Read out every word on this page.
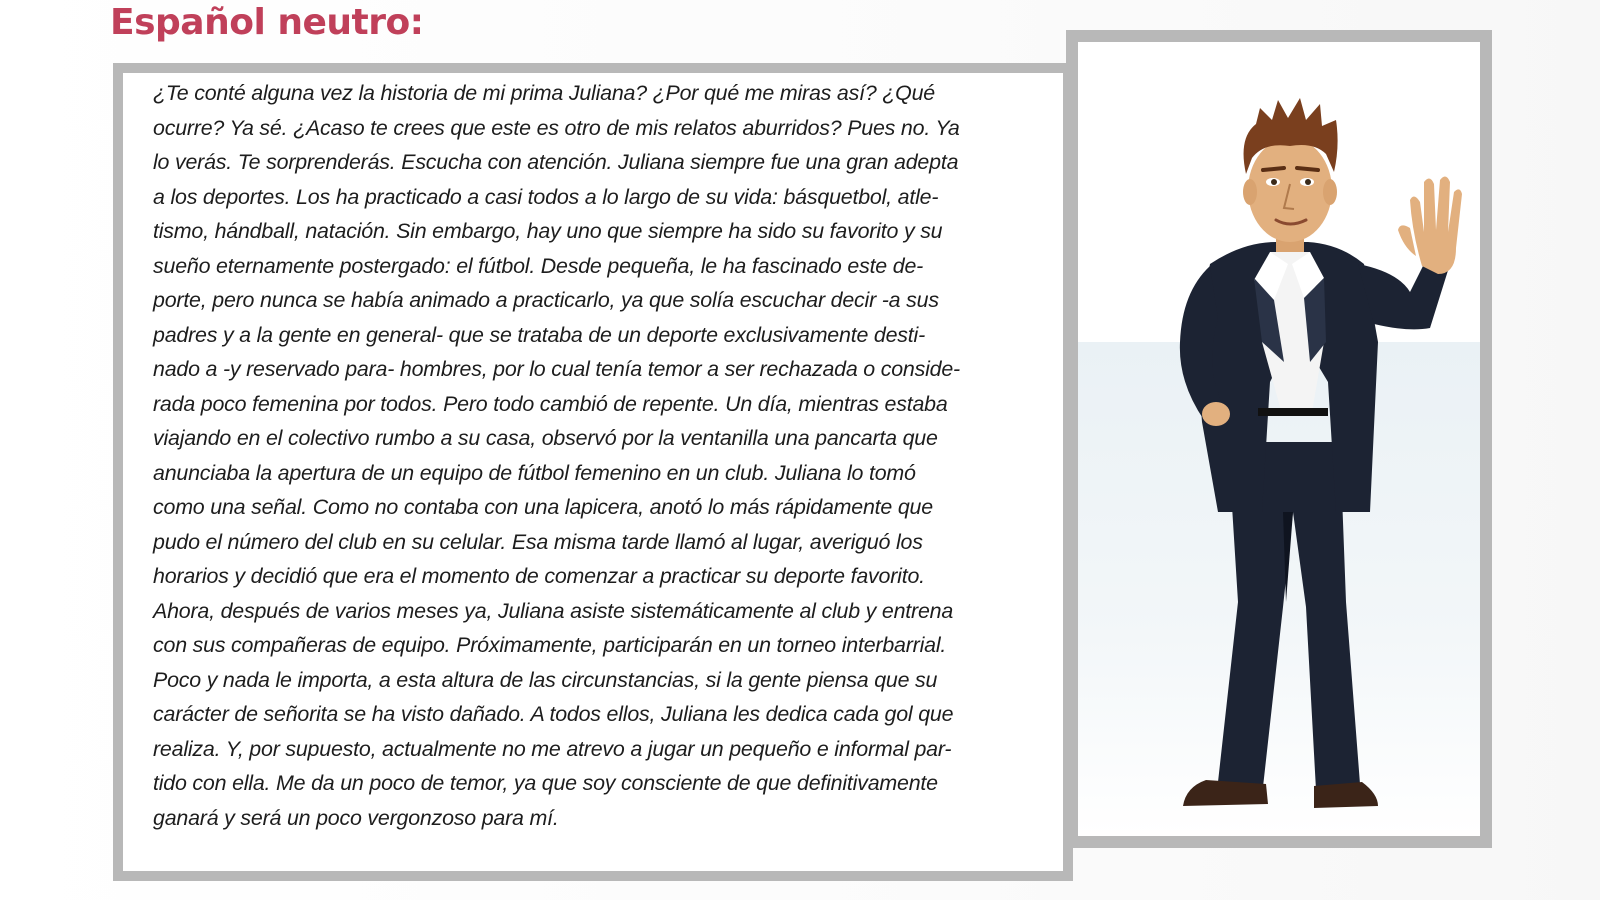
Español neutro:

¿Te conté alguna vez la historia de mi prima Juliana? ¿Por qué me miras así? ¿Qué
ocurre? Ya sé. ¿Acaso te crees que este es otro de mis relatos aburridos? Pues no. Ya
lo verás. Te sorprenderás. Escucha con atención. Juliana siempre fue una gran adepta
a los deportes. Los ha practicado a casi todos a lo largo de su vida: básquetbol, atle-
tismo, hándball, natación. Sin embargo, hay uno que siempre ha sido su favorito y su
sueño eternamente postergado: el fútbol. Desde pequeña, le ha fascinado este de-
porte, pero nunca se había animado a practicarlo, ya que solía escuchar decir -a sus
padres y a la gente en general- que se trataba de un deporte exclusivamente desti-
nado a -y reservado para- hombres, por lo cual tenía temor a ser rechazada o conside-
rada poco femenina por todos. Pero todo cambió de repente. Un día, mientras estaba
viajando en el colectivo rumbo a su casa, observó por la ventanilla una pancarta que
anunciaba la apertura de un equipo de fútbol femenino en un club. Juliana lo tomó
como una señal. Como no contaba con una lapicera, anotó lo más rápidamente que
pudo el número del club en su celular. Esa misma tarde llamó al lugar, averiguó los
horarios y decidió que era el momento de comenzar a practicar su deporte favorito.
Ahora, después de varios meses ya, Juliana asiste sistemáticamente al club y entrena
con sus compañeras de equipo. Próximamente, participarán en un torneo interbarrial.
Poco y nada le importa, a esta altura de las circunstancias, si la gente piensa que su
carácter de señorita se ha visto dañado. A todos ellos, Juliana les dedica cada gol que
realiza. Y, por supuesto, actualmente no me atrevo a jugar un pequeño e informal par-
tido con ella. Me da un poco de temor, ya que soy consciente de que definitivamente
ganará y será un poco vergonzoso para mí.
